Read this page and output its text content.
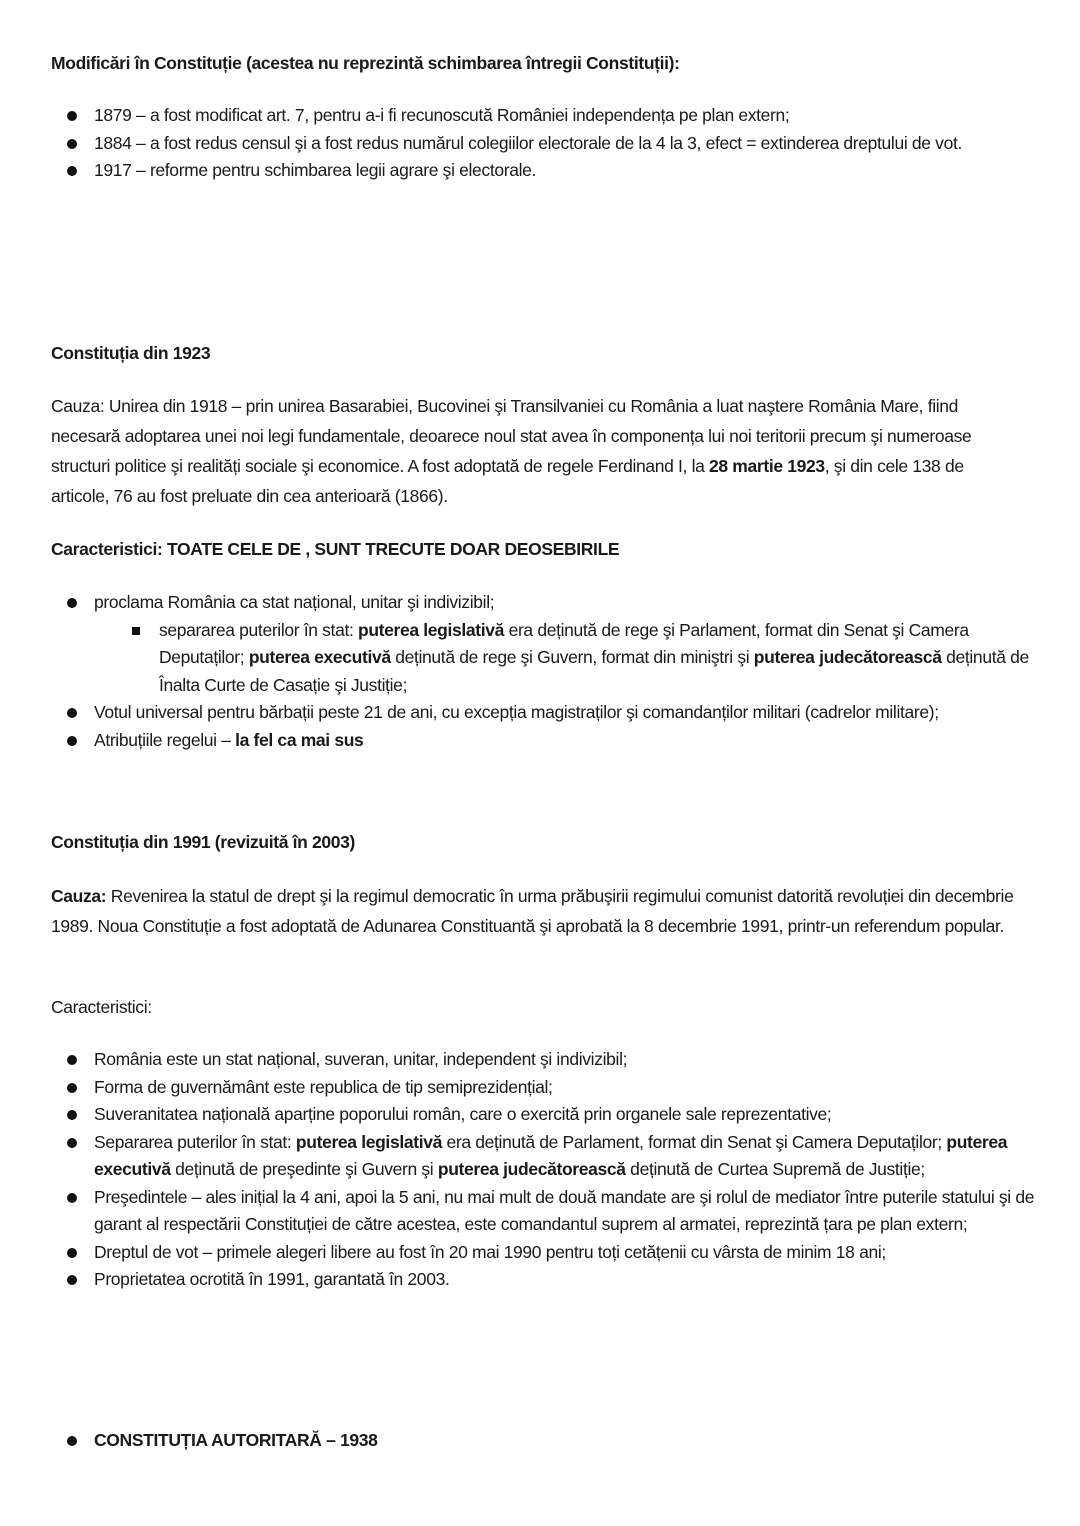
Modificări în Constituție (acestea nu reprezintă schimbarea întregii Constituții):

1879 – a fost modificat art. 7, pentru a-i fi recunoscută României independența pe plan extern;
1884 – a fost redus censul şi a fost redus numărul colegiilor electorale de la 4 la 3, efect = extinderea dreptului de vot.
1917 – reforme pentru schimbarea legii agrare şi electorale.

Constituția din 1923

Cauza: Unirea din 1918 – prin unirea Basarabiei, Bucovinei şi Transilvaniei cu România a luat naştere România Mare, fiind necesară adoptarea unei noi legi fundamentale, deoarece noul stat avea în componența lui noi teritorii precum şi numeroase structuri politice şi realități sociale şi economice. A fost adoptată de regele Ferdinand I, la 28 martie 1923, şi din cele 138 de articole, 76 au fost preluate din cea anterioară (1866).

Caracteristici: TOATE CELE DE , SUNT TRECUTE DOAR DEOSEBIRILE

proclama România ca stat național, unitar şi indivizibil;
separarea puterilor în stat: puterea legislativă era deținută de rege şi Parlament, format din Senat şi Camera Deputaților; puterea executivă deținută de rege şi Guvern, format din miniştri şi puterea judecătorească deținută de Înalta Curte de Casație şi Justiție;
Votul universal pentru bărbații peste 21 de ani, cu excepția magistraților şi comandanților militari (cadrelor militare);
Atribuțiile regelui – la fel ca mai sus

Constituția din 1991 (revizuită în 2003)

Cauza: Revenirea la statul de drept şi la regimul democratic în urma prăbuşirii regimului comunist datorită revoluției din decembrie 1989. Noua Constituție a fost adoptată de Adunarea Constituantă şi aprobată la 8 decembrie 1991, printr-un referendum popular.

Caracteristici:

România este un stat național, suveran, unitar, independent şi indivizibil;
Forma de guvernământ este republica de tip semiprezidențial;
Suveranitatea națională aparține poporului român, care o exercită prin organele sale reprezentative;
Separarea puterilor în stat: puterea legislativă era deținută de Parlament, format din Senat şi Camera Deputaților; puterea executivă deținută de preşedinte şi Guvern şi puterea judecătorească deținută de Curtea Supremă de Justiție;
Preşedintele – ales inițial la 4 ani, apoi la 5 ani, nu mai mult de două mandate are şi rolul de mediator între puterile statului şi de garant al respectării Constituției de către acestea, este comandantul suprem al armatei, reprezintă țara pe plan extern;
Dreptul de vot – primele alegeri libere au fost în 20 mai 1990 pentru toți cetățenii cu vârsta de minim 18 ani;
Proprietatea ocrotită în 1991, garantată în 2003.
CONSTITUȚIA AUTORITARĂ – 1938
